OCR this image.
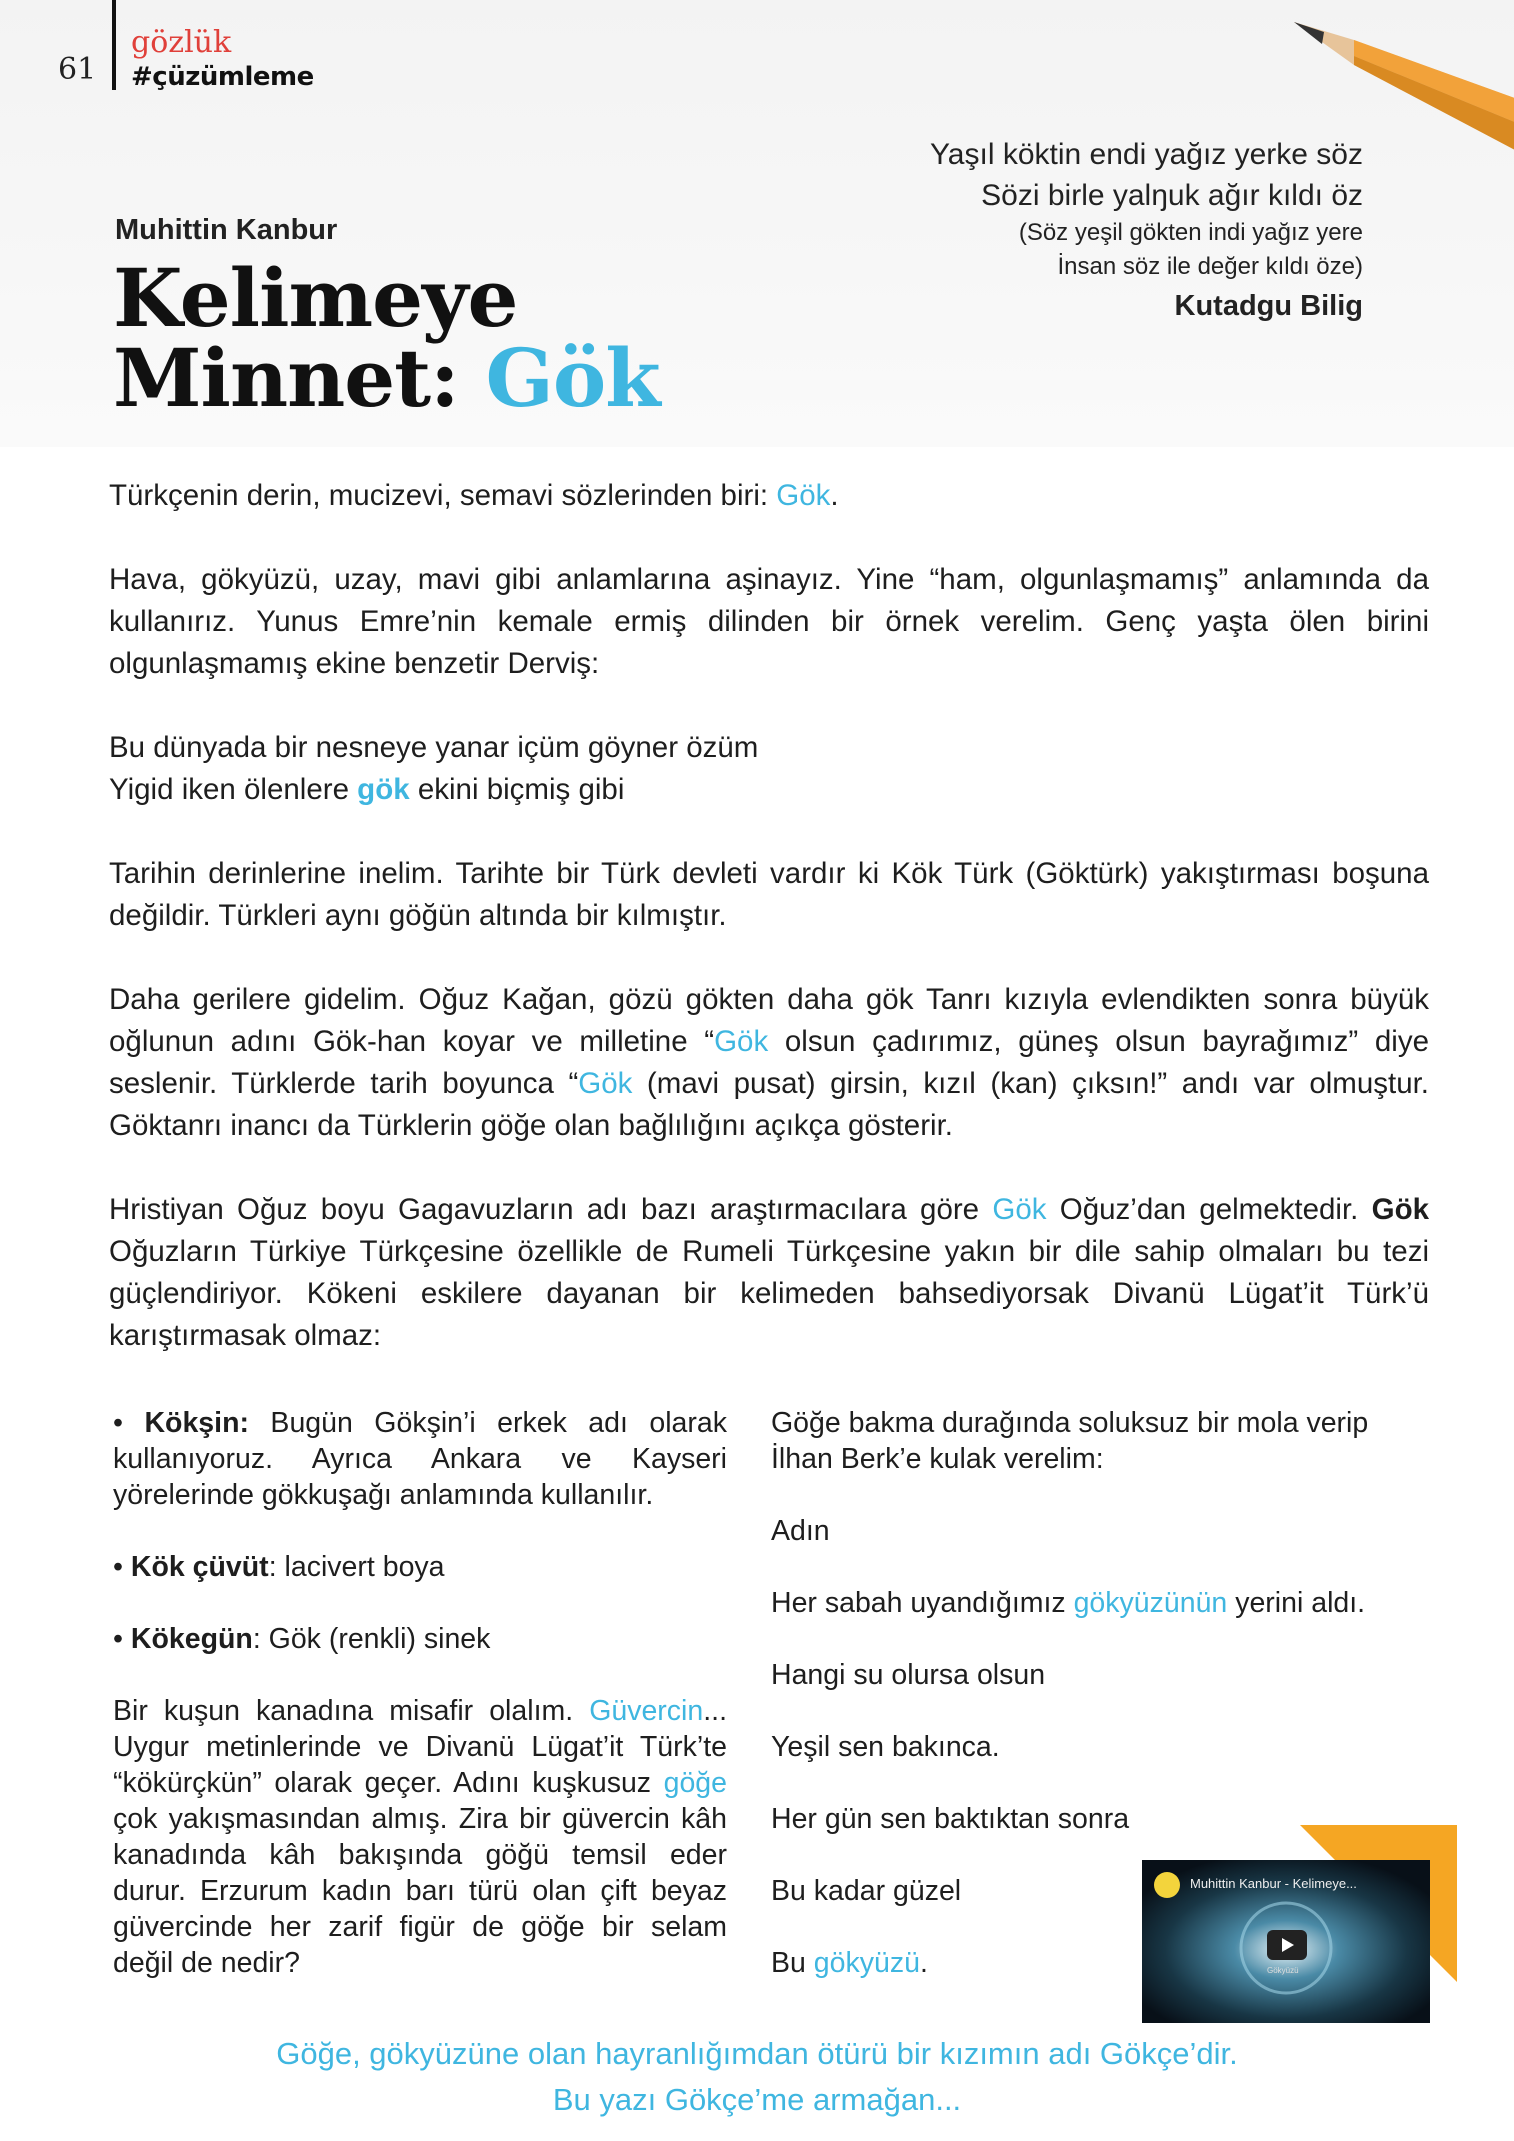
61
gözlük
#çüzümleme
Muhittin Kanbur
Kelimeye
Minnet: Gök
Yaşıl köktin endi yağız yerke söz
Sözi birle yalŋuk ağır kıldı öz
(Söz yeşil gökten indi yağız yere
İnsan söz ile değer kıldı öze)
Kutadgu Bilig

Türkçenin derin, mucizevi, semavi sözlerinden biri: Gök.

Hava, gökyüzü, uzay, mavi gibi anlamlarına aşinayız. Yine “ham, olgunlaşmamış” anlamında da kullanırız. Yunus Emre’nin kemale ermiş dilinden bir örnek verelim. Genç yaşta ölen birini olgunlaşmamış ekine benzetir Derviş:

Bu dünyada bir nesneye yanar içüm göyner özüm

Yigid iken ölenlere gök ekini biçmiş gibi

Tarihin derinlerine inelim. Tarihte bir Türk devleti vardır ki Kök Türk (Göktürk) yakıştırması boşuna değildir. Türkleri aynı göğün altında bir kılmıştır.

Daha gerilere gidelim. Oğuz Kağan, gözü gökten daha gök Tanrı kızıyla evlendikten sonra büyük oğlunun adını Gök-han koyar ve milletine “Gök olsun çadırımız, güneş olsun bayrağımız” diye seslenir. Türklerde tarih boyunca “Gök (mavi pusat) girsin, kızıl (kan) çıksın!” andı var olmuştur. Göktanrı inancı da Türklerin göğe olan bağlılığını açıkça gösterir.

Hristiyan Oğuz boyu Gagavuzların adı bazı araştırmacılara göre Gök Oğuz’dan gelmektedir. Gök Oğuzların Türkiye Türkçesine özellikle de Rumeli Türkçesine yakın bir dile sahip olmaları bu tezi güçlendiriyor. Kökeni eskilere dayanan bir kelimeden bahsediyorsak Divanü Lügat’it Türk’ü karıştırmasak olmaz:

• Kökşin: Bugün Gökşin’i erkek adı olarak kullanıyoruz. Ayrıca Ankara ve Kayseri yörelerinde gökkuşağı anlamında kullanılır.

• Kök çüvüt: lacivert boya

• Kökegün: Gök (renkli) sinek

Bir kuşun kanadına misafir olalım. Güvercin... Uygur metinlerinde ve Divanü Lügat’it Türk’te “kökürçkün” olarak geçer. Adını kuşkusuz göğe çok yakışmasından almış. Zira bir güvercin kâh kanadında kâh bakışında göğü temsil eder durur. Erzurum kadın barı türü olan çift beyaz güvercinde her zarif figür de göğe bir selam değil de nedir?

Göğe bakma durağında soluksuz bir mola verip İlhan Berk’e kulak verelim:

Adın

Her sabah uyandığımız gökyüzünün yerini aldı.

Hangi su olursa olsun

Yeşil sen bakınca.

Her gün sen baktıktan sonra

Bu kadar güzel

Bu gökyüzü.

Muhittin Kanbur - Kelimeye...
Gökyüzü
Göğe, gökyüzüne olan hayranlığımdan ötürü bir kızımın adı Gökçe’dir.
Bu yazı Gökçe’me armağan...
